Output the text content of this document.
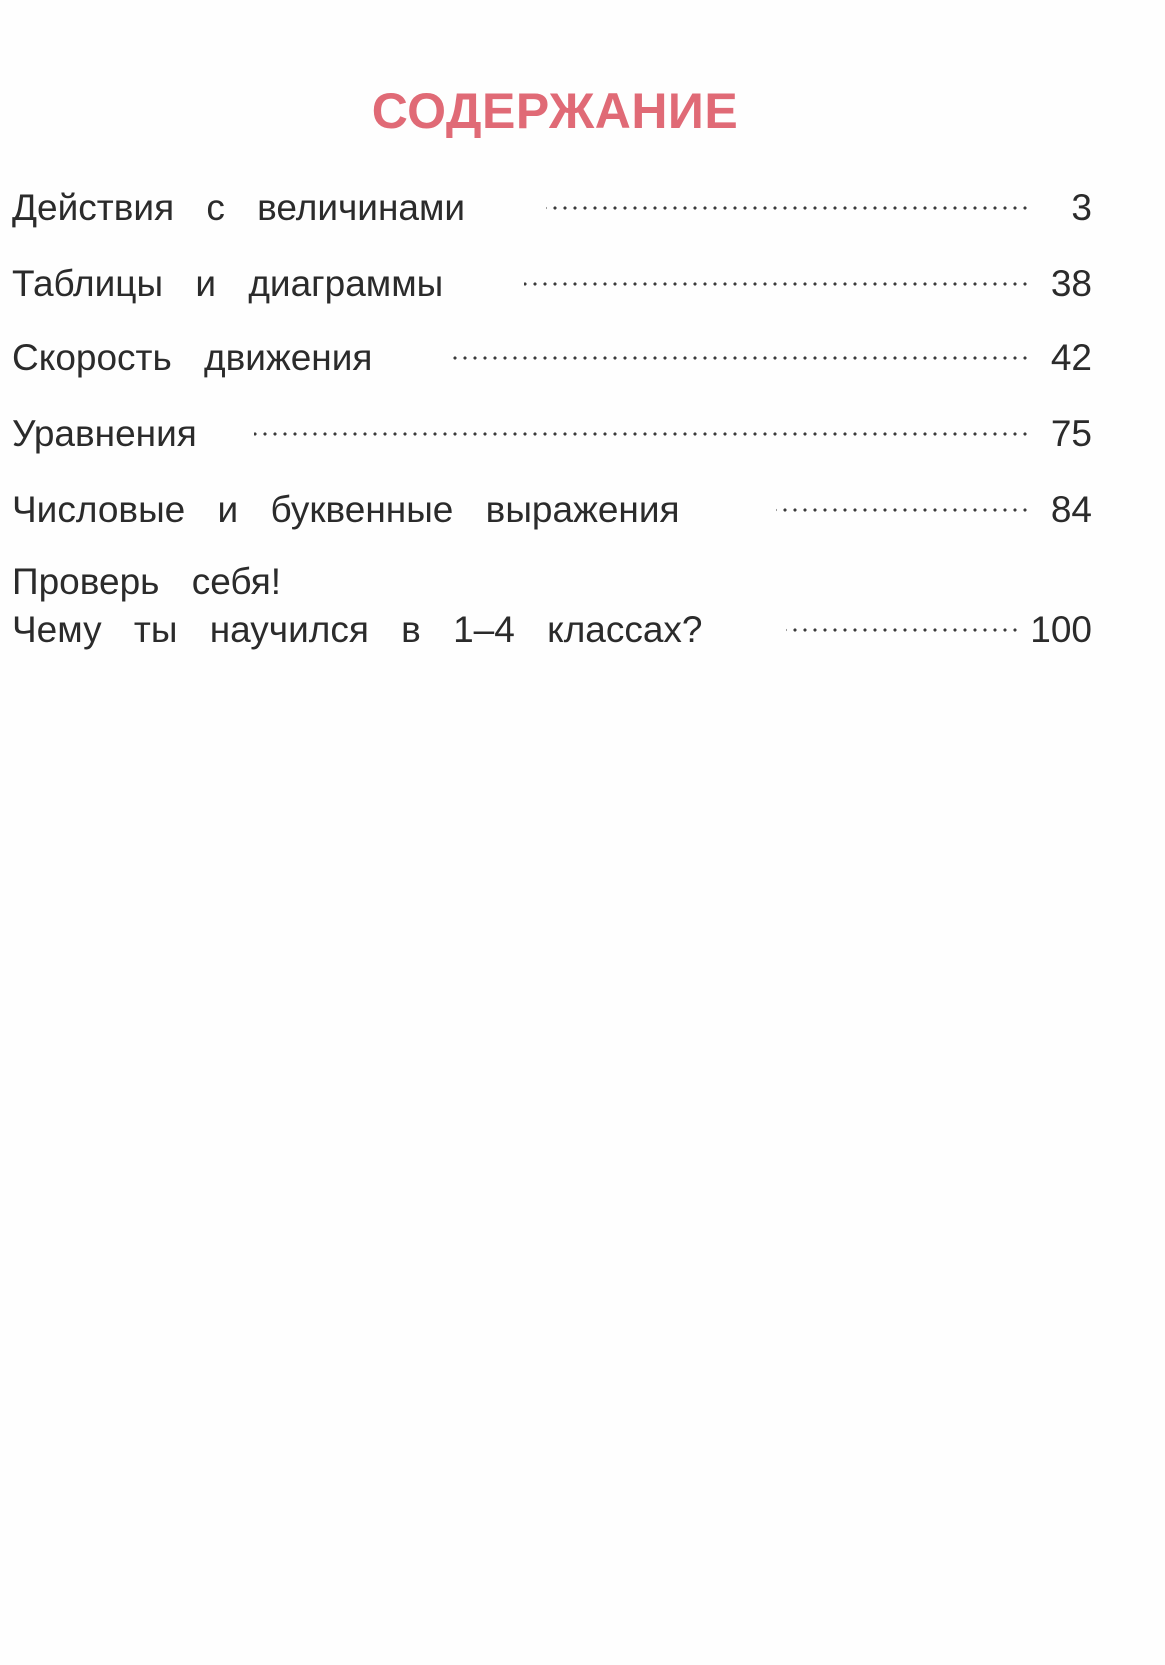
СОДЕРЖАНИЕ
Действия с величинами	3
Таблицы и диаграммы	38
Скорость движения	42
Уравнения	75
Числовые и буквенные выражения	84
Проверь себя!
Чему ты научился в 1–4 классах?	100
